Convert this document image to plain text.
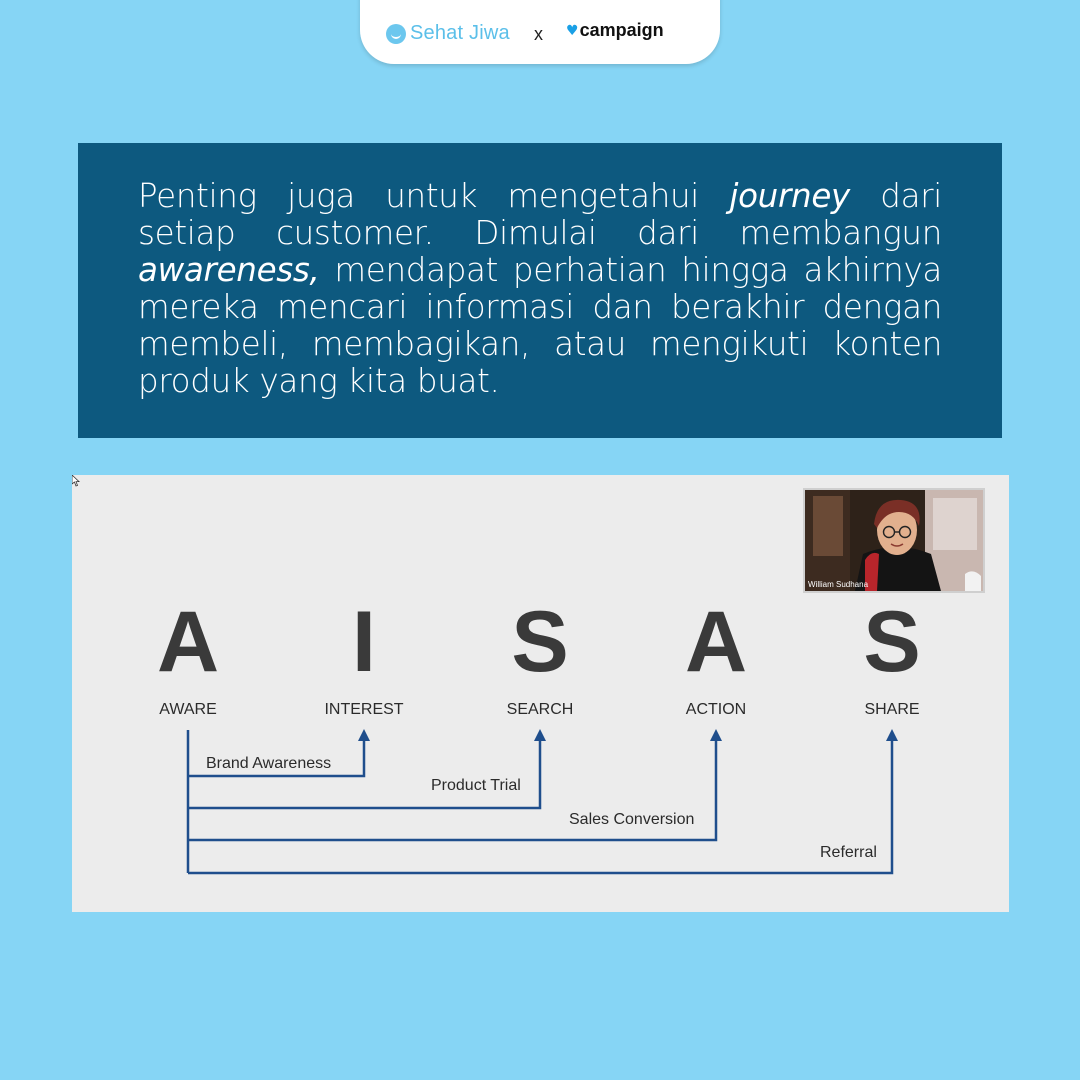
Sehat Jiwa x ♥ campaign
Penting juga untuk mengetahui journey dari setiap customer. Dimulai dari membangun awareness, mendapat perhatian hingga akhirnya mereka mencari informasi dan berakhir dengan membeli, membagikan, atau mengikuti konten produk yang kita buat.
A I S A S
AWARE	INTEREST	SEARCH	ACTION	SHARE
Brand Awareness
Product Trial
Sales Conversion
Referral
William Sudhana
